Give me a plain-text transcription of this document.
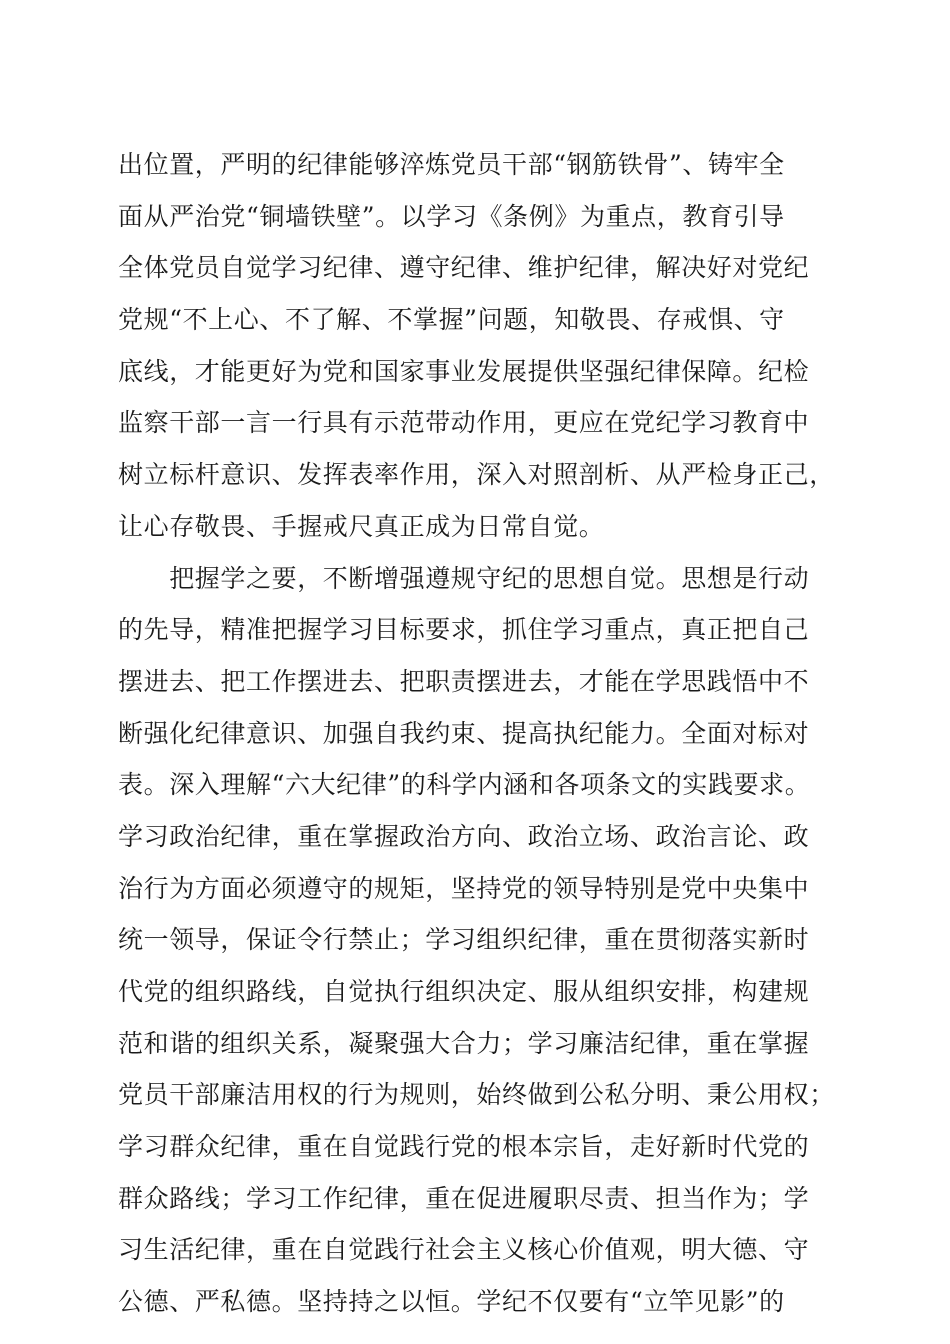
出位置，严明的纪律能够淬炼党员干部“钢筋铁骨”、铸牢全
面从严治党“铜墙铁壁”。以学习《条例》为重点，教育引导
全体党员自觉学习纪律、遵守纪律、维护纪律，解决好对党纪
党规“不上心、不了解、不掌握”问题，知敬畏、存戒惧、守
底线，才能更好为党和国家事业发展提供坚强纪律保障。纪检
监察干部一言一行具有示范带动作用，更应在党纪学习教育中
树立标杆意识、发挥表率作用，深入对照剖析、从严检身正己，
让心存敬畏、手握戒尺真正成为日常自觉。
　　把握学之要，不断增强遵规守纪的思想自觉。思想是行动
的先导，精准把握学习目标要求，抓住学习重点，真正把自己
摆进去、把工作摆进去、把职责摆进去，才能在学思践悟中不
断强化纪律意识、加强自我约束、提高执纪能力。全面对标对
表。深入理解“六大纪律”的科学内涵和各项条文的实践要求。
学习政治纪律，重在掌握政治方向、政治立场、政治言论、政
治行为方面必须遵守的规矩，坚持党的领导特别是党中央集中
统一领导，保证令行禁止；学习组织纪律，重在贯彻落实新时
代党的组织路线，自觉执行组织决定、服从组织安排，构建规
范和谐的组织关系，凝聚强大合力；学习廉洁纪律，重在掌握
党员干部廉洁用权的行为规则，始终做到公私分明、秉公用权；
学习群众纪律，重在自觉践行党的根本宗旨，走好新时代党的
群众路线；学习工作纪律，重在促进履职尽责、担当作为；学
习生活纪律，重在自觉践行社会主义核心价值观，明大德、守
公德、严私德。坚持持之以恒。学纪不仅要有“立竿见影”的
